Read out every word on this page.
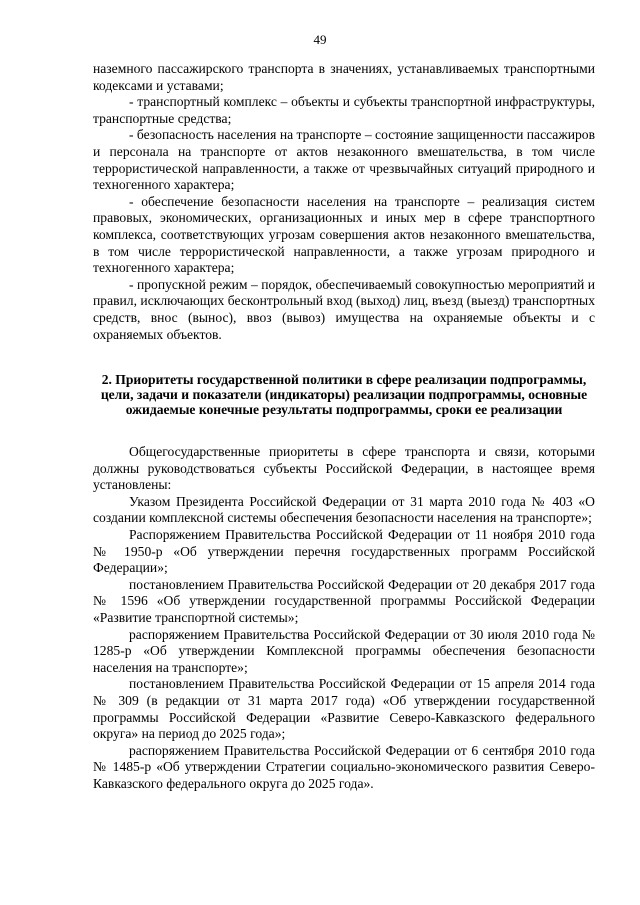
49

наземного пассажирского транспорта в значениях, устанавливаемых транспортными кодексами и уставами;

- транспортный комплекс – объекты и субъекты транспортной инфраструктуры, транспортные средства;

- безопасность населения на транспорте – состояние защищенности пассажиров и персонала на транспорте от актов незаконного вмешательства, в том числе террористической направленности, а также от чрезвычайных ситуаций природного и техногенного характера;

- обеспечение безопасности населения на транспорте – реализация систем правовых, экономических, организационных и иных мер в сфере транспортного комплекса, соответствующих угрозам совершения актов незаконного вмешательства, в том числе террористической направленности, а также угрозам природного и техногенного характера;

- пропускной режим – порядок, обеспечиваемый совокупностью мероприятий и правил, исключающих бесконтрольный вход (выход) лиц, въезд (выезд) транспортных средств, внос (вынос), ввоз (вывоз) имущества на охраняемые объекты и с охраняемых объектов.

2. Приоритеты государственной политики в сфере реализации подпрограммы, цели, задачи и показатели (индикаторы) реализации подпрограммы, основные ожидаемые конечные результаты подпрограммы, сроки ее реализации

Общегосударственные приоритеты в сфере транспорта и связи, которыми должны руководствоваться субъекты Российской Федерации, в настоящее время установлены:

Указом Президента Российской Федерации от 31 марта 2010 года № 403 «О создании комплексной системы обеспечения безопасности населения на транспорте»;

Распоряжением Правительства Российской Федерации от 11 ноября 2010 года № 1950-р «Об утверждении перечня государственных программ Российской Федерации»;

постановлением Правительства Российской Федерации от 20 декабря 2017 года № 1596 «Об утверждении государственной программы Российской Федерации «Развитие транспортной системы»;

распоряжением Правительства Российской Федерации от 30 июля 2010 года № 1285-р «Об утверждении Комплексной программы обеспечения безопасности населения на транспорте»;

постановлением Правительства Российской Федерации от 15 апреля 2014 года № 309 (в редакции от 31 марта 2017 года) «Об утверждении государственной программы Российской Федерации «Развитие Северо-Кавказского федерального округа» на период до 2025 года»;

распоряжением Правительства Российской Федерации от 6 сентября 2010 года № 1485-р «Об утверждении Стратегии социально-экономического развития Северо-Кавказского федерального округа до 2025 года».
